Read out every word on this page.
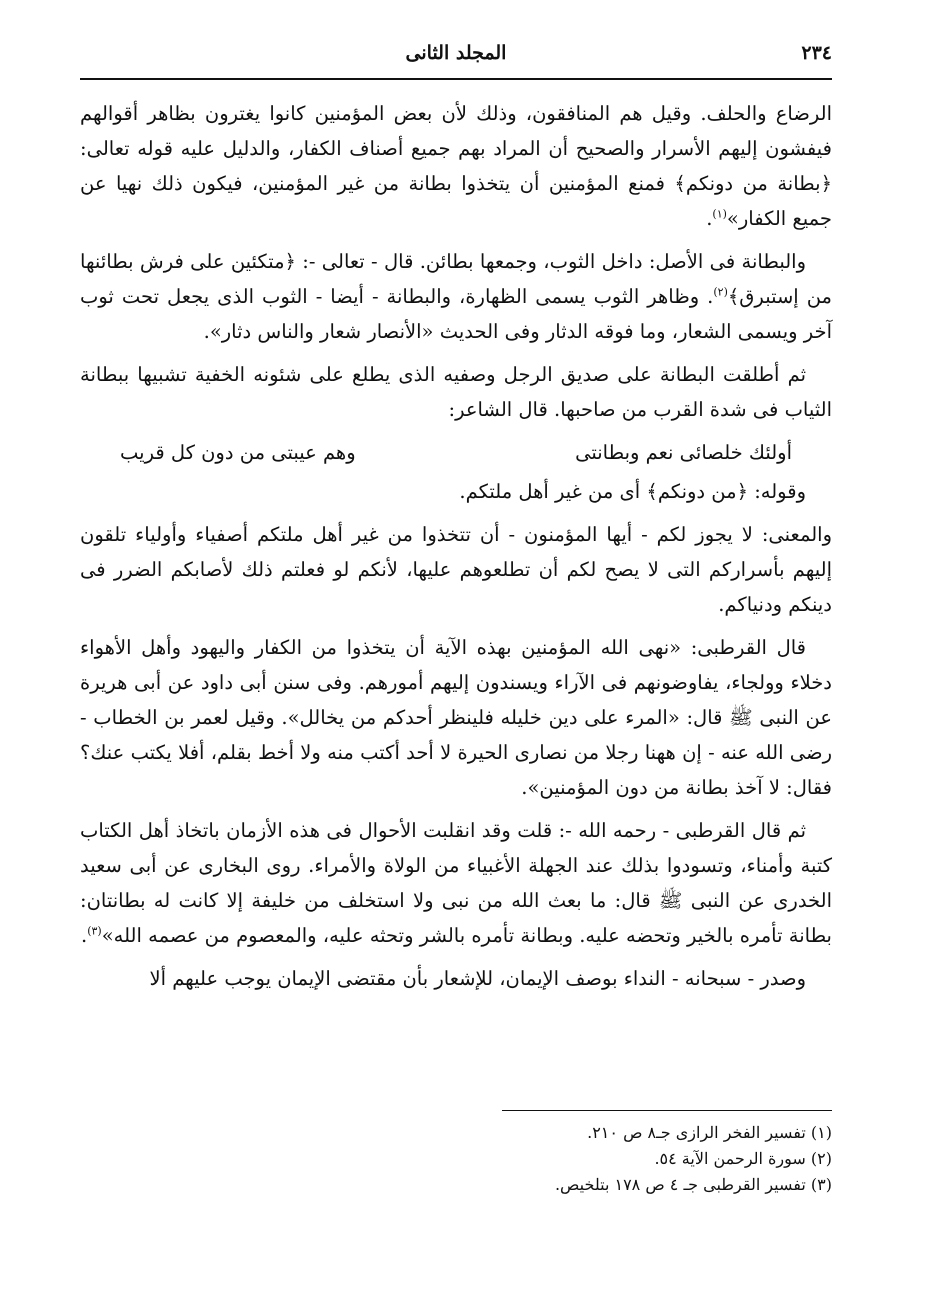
٢٣٤
المجلد الثانى

الرضاع والحلف. وقيل هم المنافقون، وذلك لأن بعض المؤمنين كانوا يغترون بظاهر أقوالهم فيفشون إليهم الأسرار والصحيح أن المراد بهم جميع أصناف الكفار، والدليل عليه قوله تعالى: ﴿بطانة من دونكم﴾ فمنع المؤمنين أن يتخذوا بطانة من غير المؤمنين، فيكون ذلك نهيا عن جميع الكفار»$^{(١)}$.

والبطانة فى الأصل: داخل الثوب، وجمعها بطائن. قال - تعالى -: ﴿متكئين على فرش بطائنها من إستبرق﴾$^{(٢)}$. وظاهر الثوب يسمى الظهارة، والبطانة - أيضا - الثوب الذى يجعل تحت ثوب آخر ويسمى الشعار، وما فوقه الدثار وفى الحديث «الأنصار شعار والناس دثار».

ثم أطلقت البطانة على صديق الرجل وصفيه الذى يطلع على شئونه الخفية تشبيها ببطانة الثياب فى شدة القرب من صاحبها. قال الشاعر:

أولئك خلصائى نعم وبطانتى
وهم عيبتى من دون كل قريب

وقوله: ﴿من دونكم﴾ أى من غير أهل ملتكم.

والمعنى: لا يجوز لكم - أيها المؤمنون - أن تتخذوا من غير أهل ملتكم أصفياء وأولياء تلقون إليهم بأسراركم التى لا يصح لكم أن تطلعوهم عليها، لأنكم لو فعلتم ذلك لأصابكم الضرر فى دينكم ودنياكم.

قال القرطبى: «نهى الله المؤمنين بهذه الآية أن يتخذوا من الكفار واليهود وأهل الأهواء دخلاء وولجاء، يفاوضونهم فى الآراء ويسندون إليهم أمورهم. وفى سنن أبى داود عن أبى هريرة عن النبى ﷺ قال: «المرء على دين خليله فلينظر أحدكم من يخالل». وقيل لعمر بن الخطاب - رضى الله عنه - إن ههنا رجلا من نصارى الحيرة لا أحد أكتب منه ولا أخط بقلم، أفلا يكتب عنك؟ فقال: لا آخذ بطانة من دون المؤمنين».

ثم قال القرطبى - رحمه الله -: قلت وقد انقلبت الأحوال فى هذه الأزمان باتخاذ أهل الكتاب كتبة وأمناء، وتسودوا بذلك عند الجهلة الأغبياء من الولاة والأمراء. روى البخارى عن أبى سعيد الخدرى عن النبى ﷺ قال: ما بعث الله من نبى ولا استخلف من خليفة إلا كانت له بطانتان: بطانة تأمره بالخير وتحضه عليه. وبطانة تأمره بالشر وتحثه عليه، والمعصوم من عصمه الله»$^{(٣)}$.

وصدر - سبحانه - النداء بوصف الإيمان، للإشعار بأن مقتضى الإيمان يوجب عليهم ألا

(١) تفسير الفخر الرازى جـ٨ ص ٢١٠.

(٢) سورة الرحمن الآية ٥٤.

(٣) تفسير القرطبى جـ ٤ ص ١٧٨ بتلخيص.
